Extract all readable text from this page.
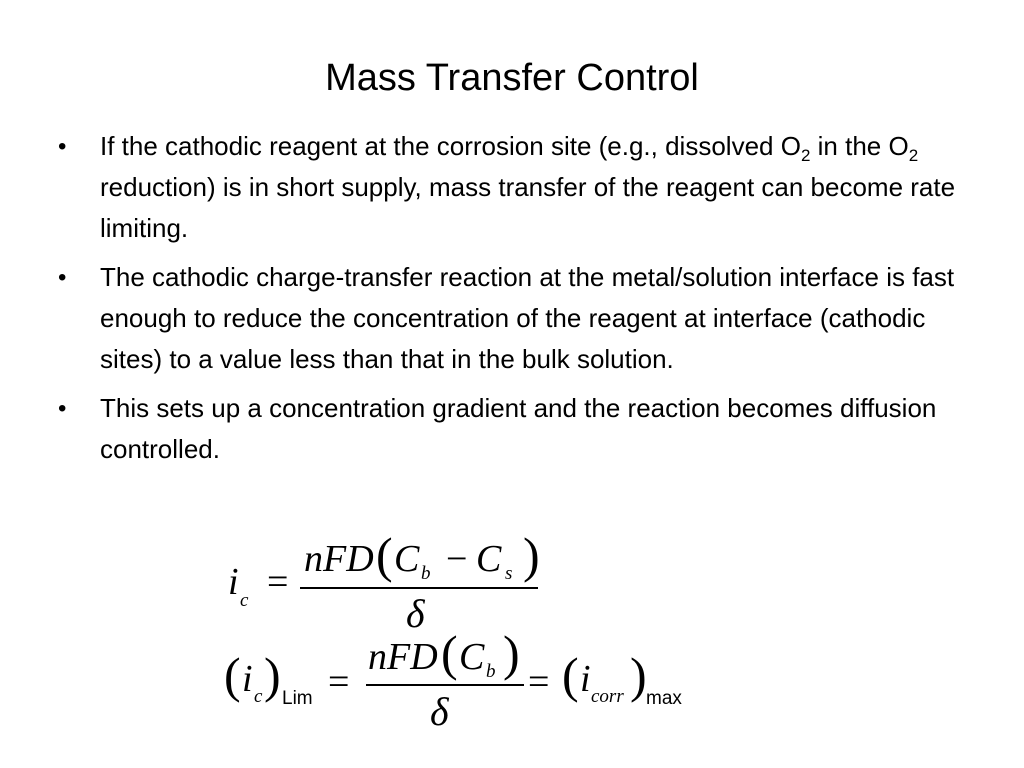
Mass Transfer Control
• If the cathodic reagent at the corrosion site (e.g., dissolved $O_2$ in the $O_2$ reduction) is in short supply, mass transfer of the reagent can become rate limiting.
• The cathodic charge-transfer reaction at the metal/solution interface is fast enough to reduce the concentration of the reagent at interface (cathodic sites) to a value less than that in the bulk solution.
• This sets up a concentration gradient and the reaction becomes diffusion controlled.
i c =
nFD ( C b − C s )
δ
( i c ) Lim =
nFD ( C b )
δ
= ( i corr ) max
